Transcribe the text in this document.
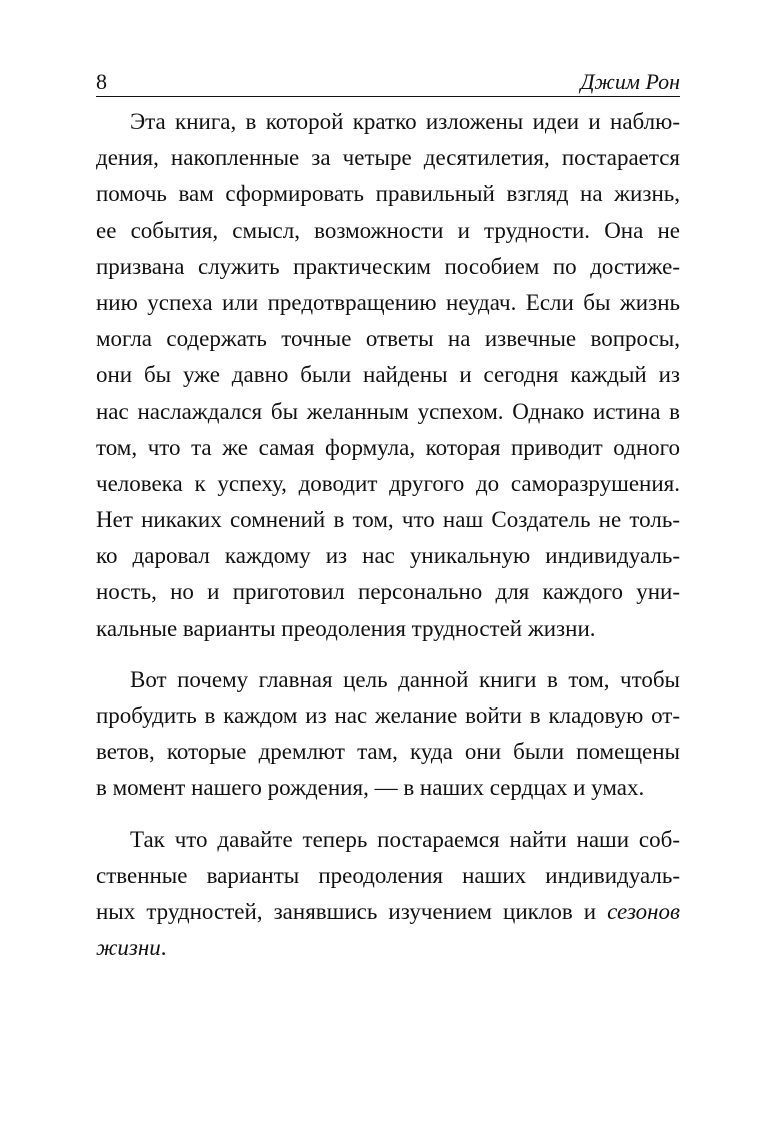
8	Джим Рон

Эта книга, в которой кратко изложены идеи и наблю-
дения, накопленные за четыре десятилетия, постарается
помочь вам сформировать правильный взгляд на жизнь,
ее события, смысл, возможности и трудности. Она не
призвана служить практическим пособием по достиже-
нию успеха или предотвращению неудач. Если бы жизнь
могла содержать точные ответы на извечные вопросы,
они бы уже давно были найдены и сегодня каждый из
нас наслаждался бы желанным успехом. Однако истина в
том, что та же самая формула, которая приводит одного
человека к успеху, доводит другого до саморазрушения.
Нет никаких сомнений в том, что наш Создатель не толь-
ко даровал каждому из нас уникальную индивидуаль-
ность, но и приготовил персонально для каждого уни-
кальные варианты преодоления трудностей жизни.

Вот почему главная цель данной книги в том, чтобы
пробудить в каждом из нас желание войти в кладовую от-
ветов, которые дремлют там, куда они были помещены
в момент нашего рождения, — в наших сердцах и умах.

Так что давайте теперь постараемся найти наши соб-
ственные варианты преодоления наших индивидуаль-
ных трудностей, занявшись изучением циклов и сезонов
жизни.
